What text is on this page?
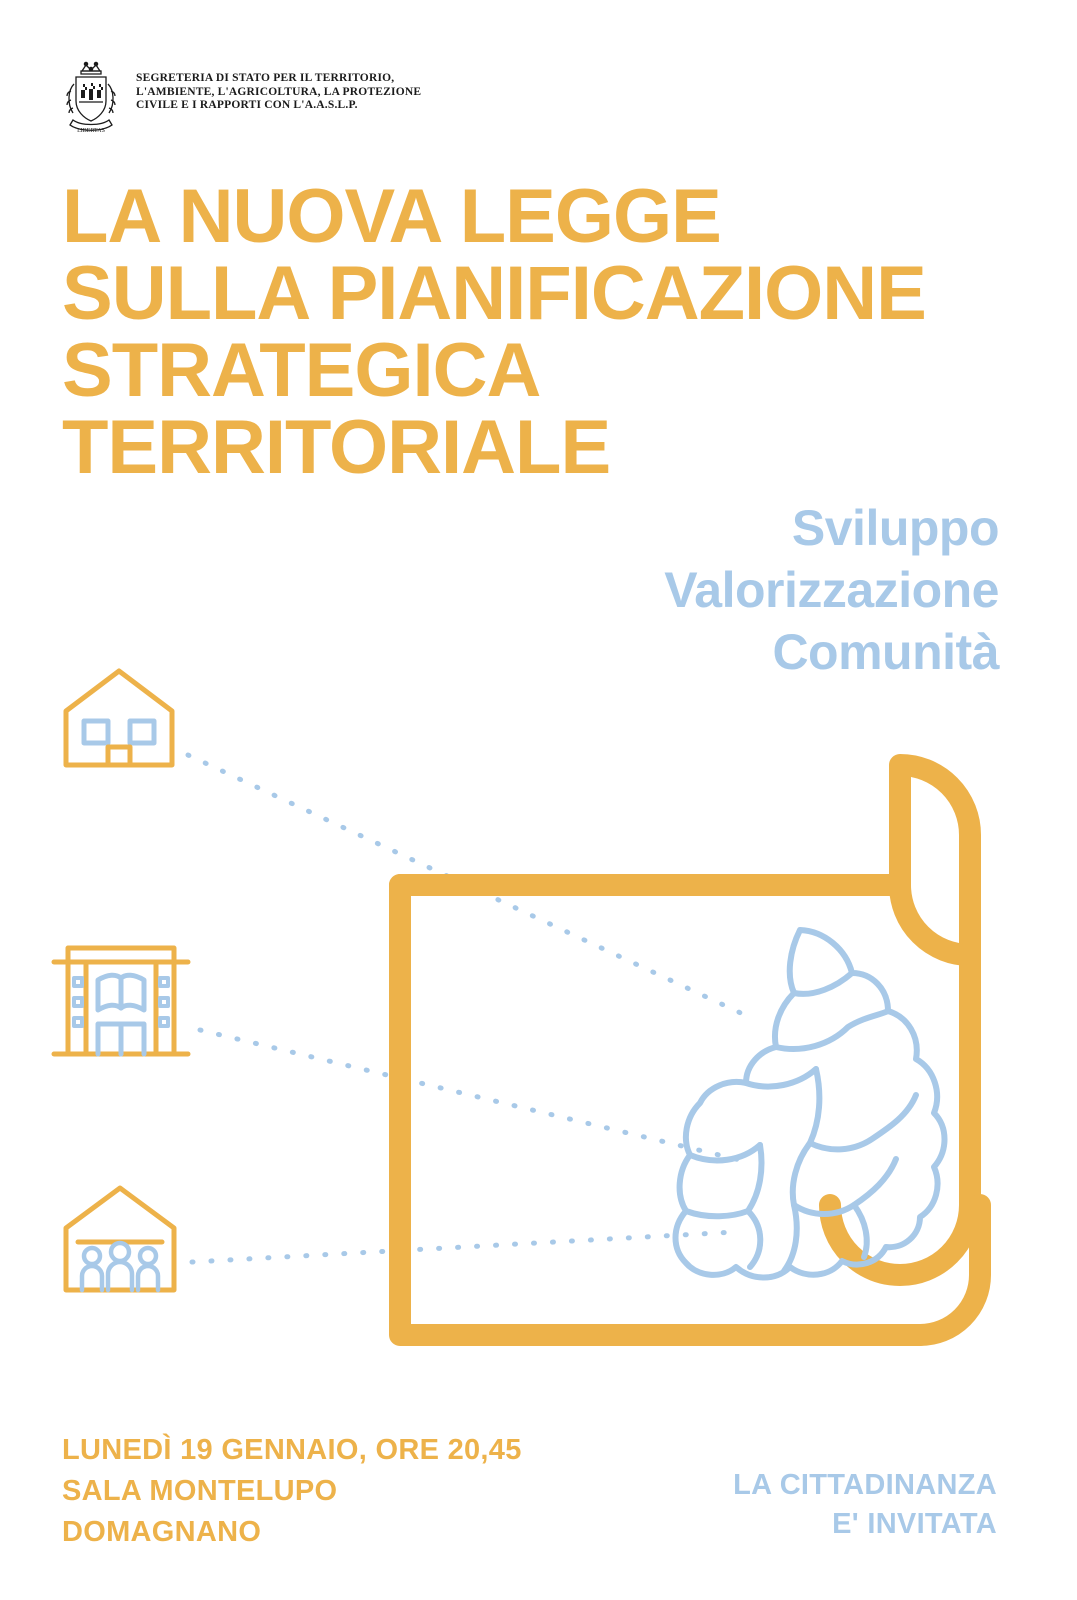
LIBERTAS
SEGRETERIA DI STATO PER IL TERRITORIO,
L'AMBIENTE, L'AGRICOLTURA, LA PROTEZIONE
CIVILE E I RAPPORTI CON L'A.A.S.L.P.
LA NUOVA LEGGE
SULLA PIANIFICAZIONE
STRATEGICA
TERRITORIALE
Sviluppo
Valorizzazione
Comunità
LUNEDÌ 19 GENNAIO, ORE 20,45
SALA MONTELUPO
DOMAGNANO
LA CITTADINANZA
E' INVITATA
